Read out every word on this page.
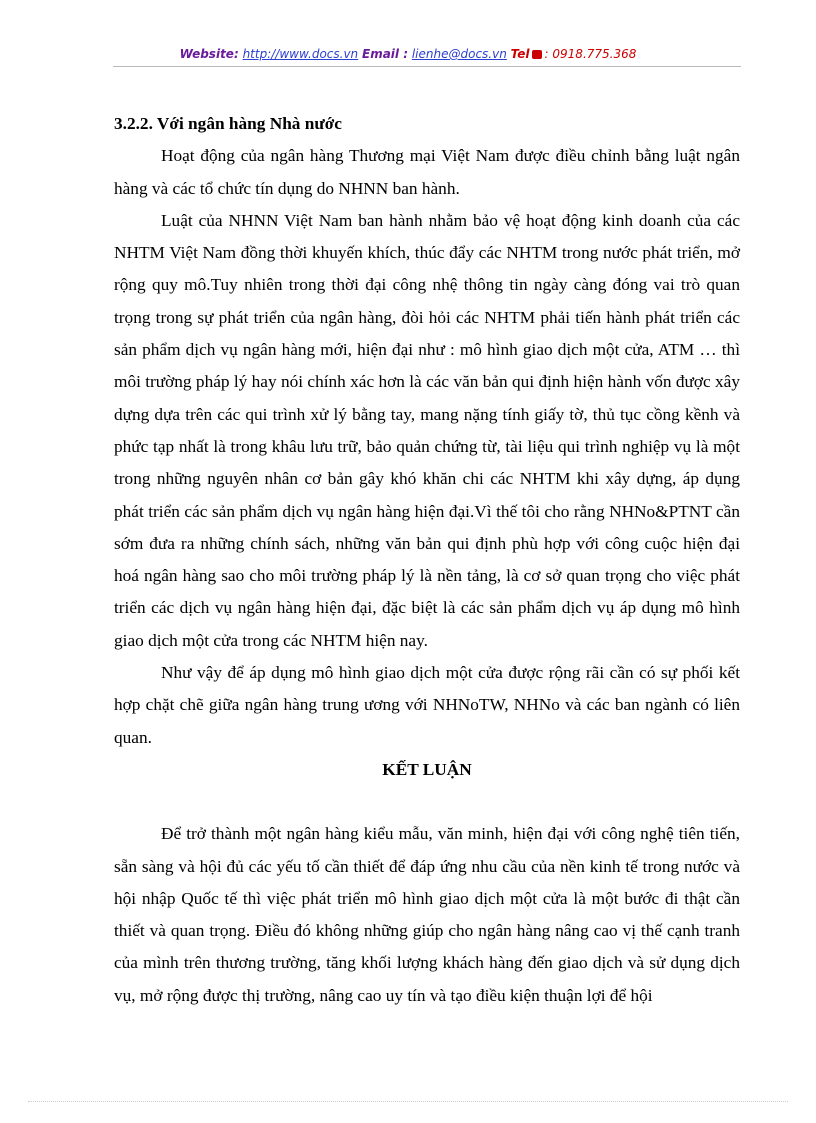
Website: http://www.docs.vn Email : lienhe@docs.vn Tel : 0918.775.368

3.2.2. Với ngân hàng Nhà nước

Hoạt động của ngân hàng Thương mại Việt Nam được điều chỉnh bằng luật ngân hàng và các tổ chức tín dụng do NHNN ban hành.

Luật của NHNN Việt Nam ban hành nhằm bảo vệ hoạt động kinh doanh của các NHTM Việt Nam đồng thời khuyến khích, thúc đẩy các NHTM trong nước phát triển, mở rộng quy mô.Tuy nhiên trong thời đại công nhệ thông tin ngày càng đóng vai trò quan trọng trong sự phát triển của ngân hàng, đòi hỏi các NHTM phải tiến hành phát triển các sản phẩm dịch vụ ngân hàng mới, hiện đại như : mô hình giao dịch một cửa, ATM … thì môi trường pháp lý hay nói chính xác hơn là các văn bản qui định hiện hành vốn được xây dựng dựa trên các qui trình xử lý bằng tay, mang nặng tính giấy tờ, thủ tục cồng kềnh và phức tạp nhất là trong khâu lưu trữ, bảo quản chứng từ, tài liệu qui trình nghiệp vụ là một trong những nguyên nhân cơ bản gây khó khăn chi các NHTM khi xây dựng, áp dụng phát triển các sản phẩm dịch vụ ngân hàng hiện đại.Vì thế tôi cho rằng NHNo&PTNT cần sớm đưa ra những chính sách, những văn bản qui định phù hợp với công cuộc hiện đại hoá ngân hàng sao cho môi trường pháp lý là nền tảng, là cơ sở quan trọng cho việc phát triển các dịch vụ ngân hàng hiện đại, đặc biệt là các sản phẩm dịch vụ áp dụng mô hình giao dịch một cửa trong các NHTM hiện nay.

Như vậy để áp dụng mô hình giao dịch một cửa được rộng rãi cần có sự phối kết hợp chặt chẽ giữa ngân hàng trung ương với NHNoTW, NHNo và các ban ngành có liên quan.

KẾT LUẬN

Để trở thành một ngân hàng kiểu mẫu, văn minh, hiện đại với công nghệ tiên tiến, sẵn sàng và hội đủ các yếu tố cần thiết để đáp ứng nhu cầu của nền kinh tế trong nước và hội nhập Quốc tế thì việc phát triển mô hình giao dịch một cửa là một bước đi thật cần thiết và quan trọng. Điều đó không những giúp cho ngân hàng nâng cao vị thế cạnh tranh của mình trên thương trường, tăng khối lượng khách hàng đến giao dịch và sử dụng dịch vụ, mở rộng được thị trường, nâng cao uy tín và tạo điều kiện thuận lợi để hội
